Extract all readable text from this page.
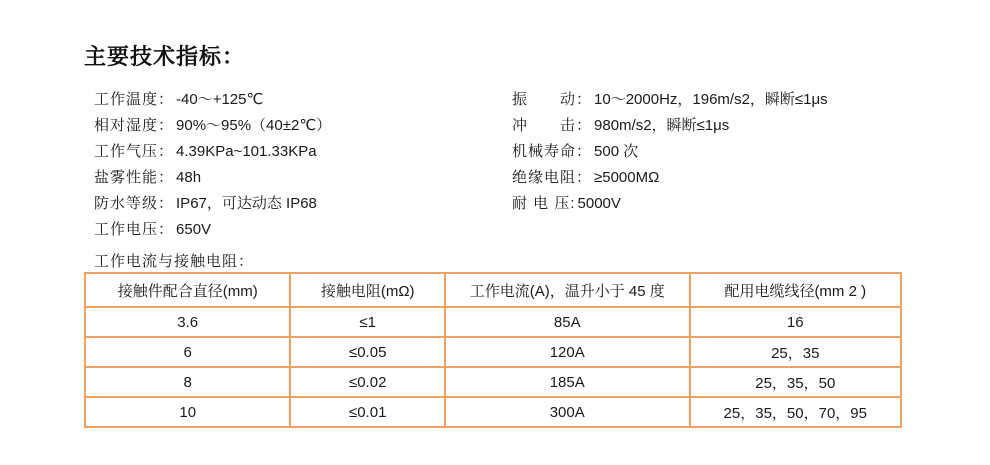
主要技术指标：
工作温度： -40～+125℃
相对湿度： 90%～95%（40±2℃）
工作气压： 4.39KPa~101.33KPa
盐雾性能： 48h
防水等级： IP67，可达动态 IP68
工作电压： 650V
振　　动： 10～2000Hz，196m/s2，瞬断≤1μs
冲　　击： 980m/s2，瞬断≤1μs
机械寿命： 500 次
绝缘电阻： ≥5000MΩ
耐 电 压: 5000V
工作电流与接触电阻：
接触件配合直径(mm)	接触电阻(mΩ)	工作电流(A)，温升小于 45 度	配用电缆线径(mm 2 )
3.6	≤1	85A	16
6	≤0.05	120A	25，35
8	≤0.02	185A	25，35，50
10	≤0.01	300A	25，35，50，70，95
